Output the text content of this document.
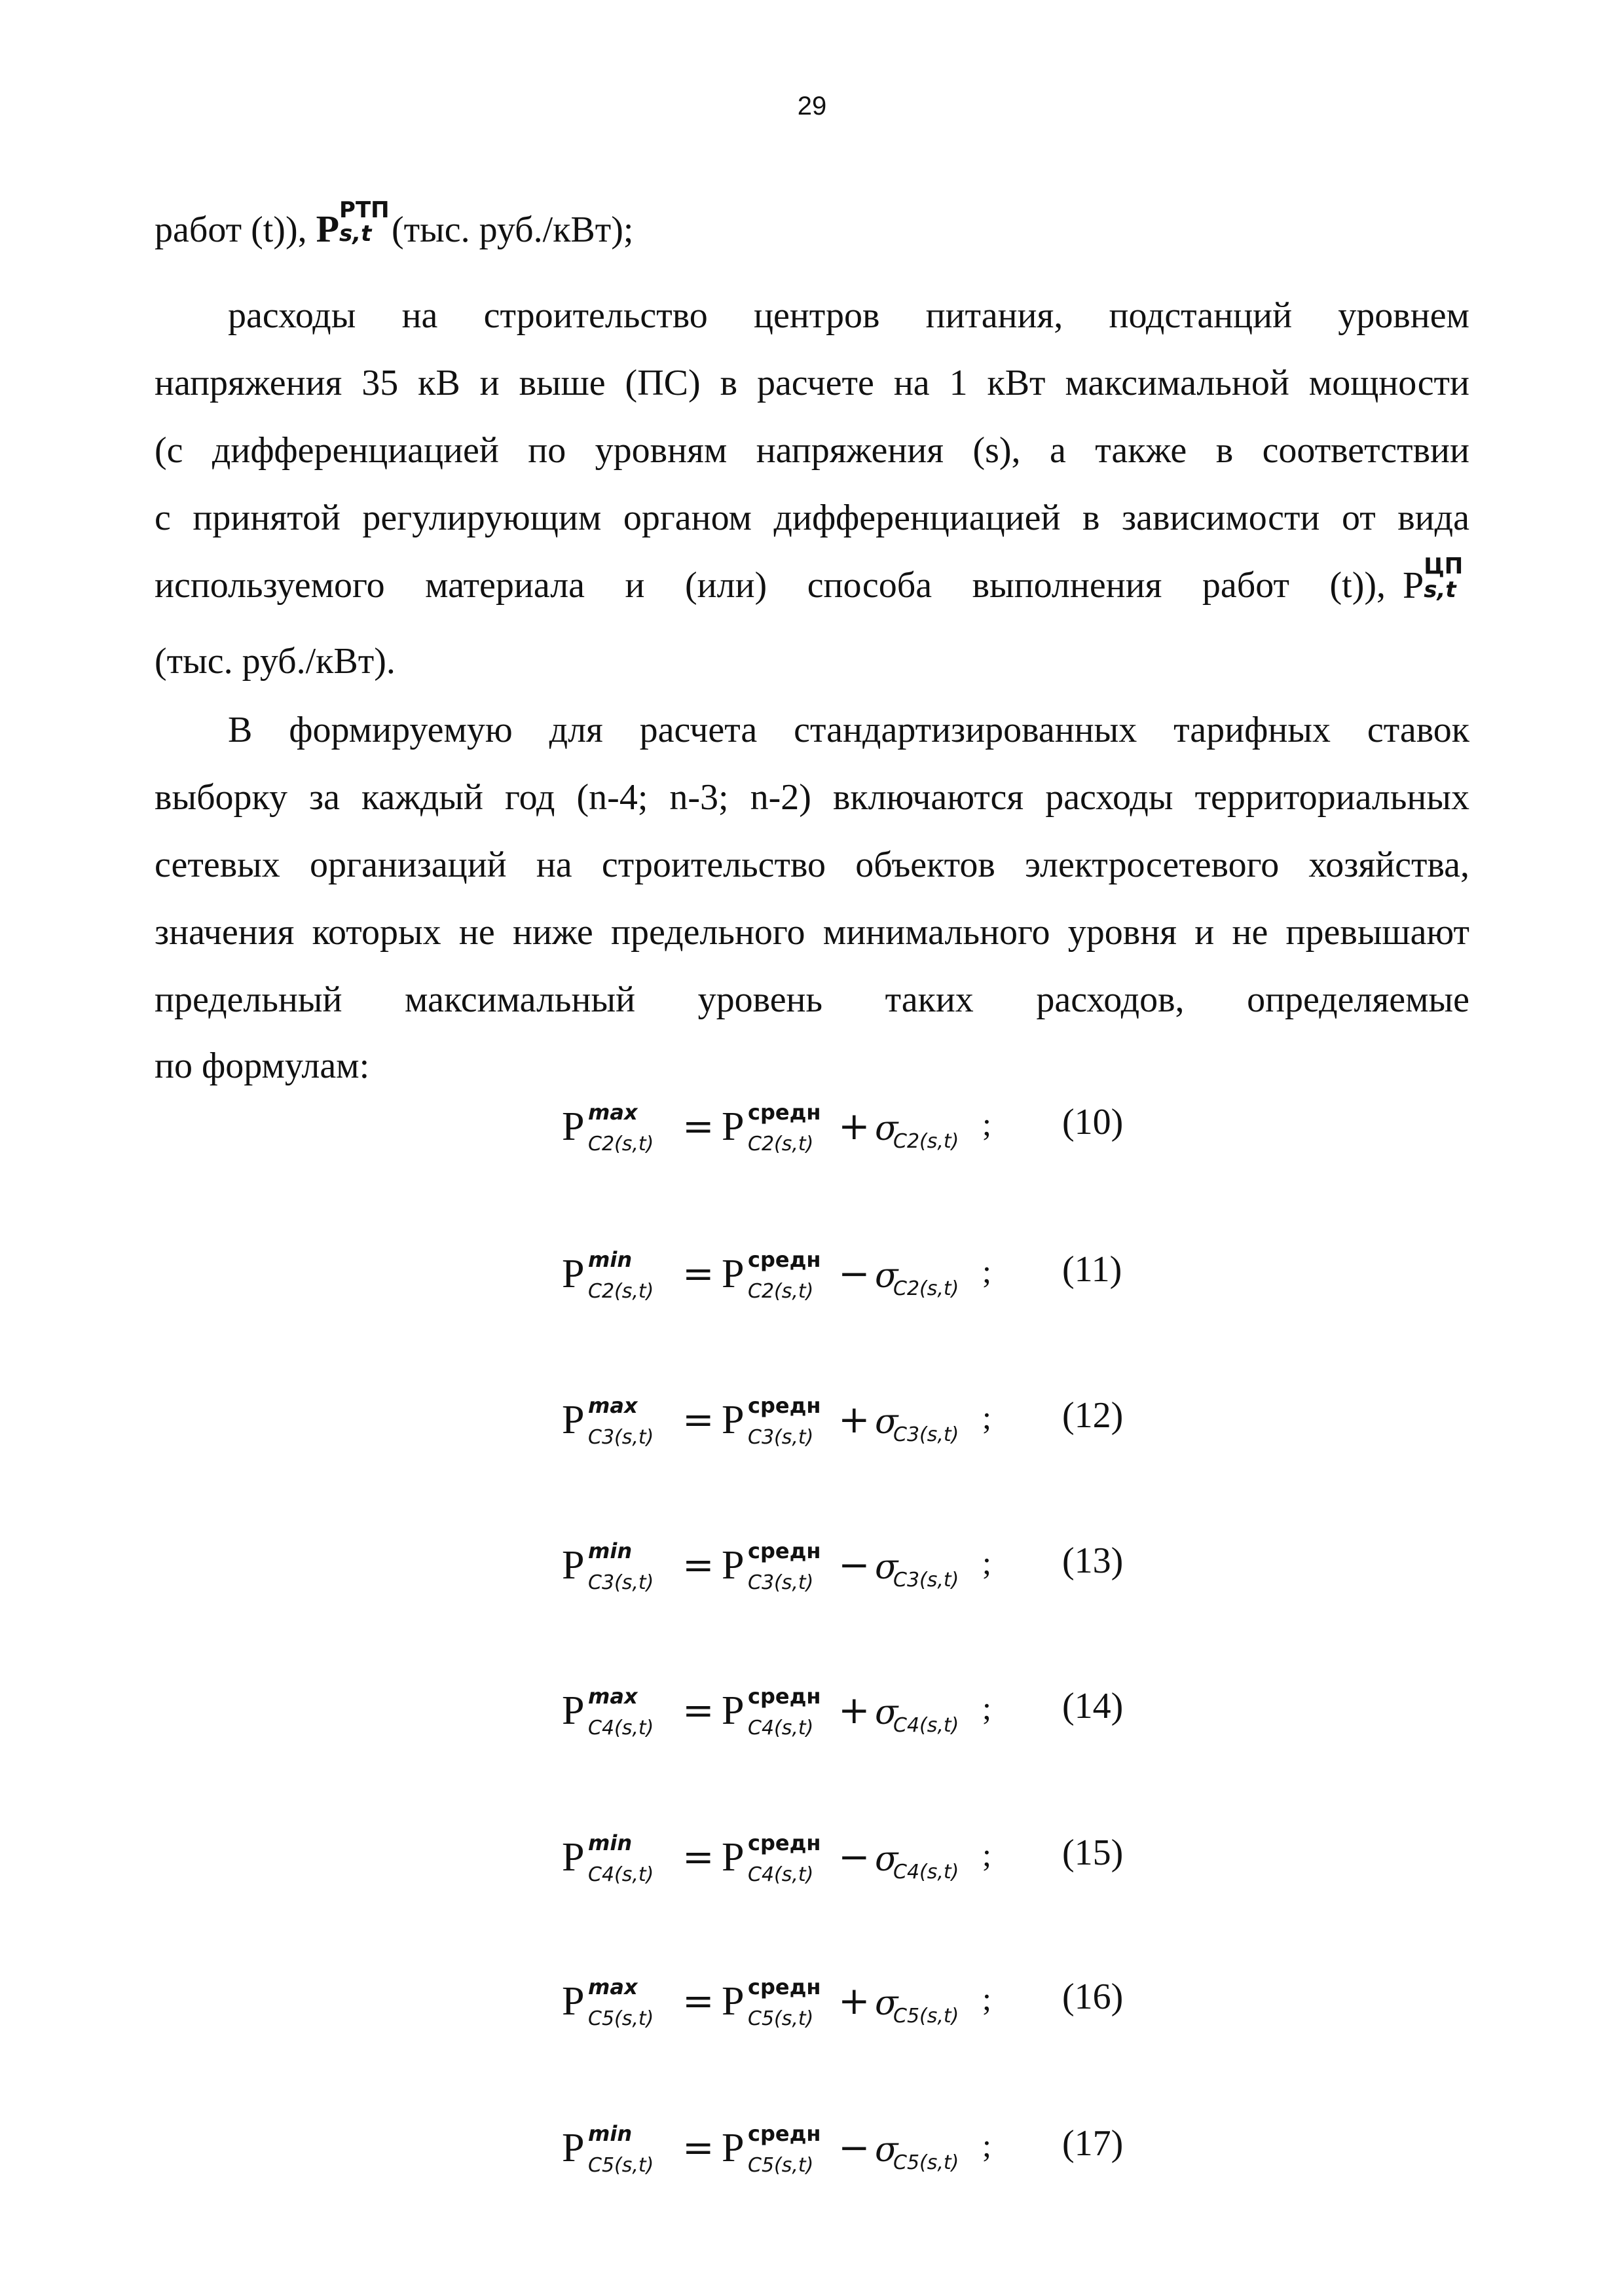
29
работ (t)), P РТП
s,t (тыс. руб./кВт);
расходы на строительство центров питания, подстанций уровнем
напряжения 35 кВ и выше (ПС) в расчете на 1 кВт максимальной мощности
(с дифференциацией по уровням напряжения (s), а также в соответствии
с принятой регулирующим органом дифференциацией в зависимости от вида
используемого материала и (или) способа выполнения работ (t)), P ЦП
s,t
(тыс. руб./кВт).
В формируемую для расчета стандартизированных тарифных ставок
выборку за каждый год (n-4; n-3; n-2) включаются расходы территориальных
сетевых организаций на строительство объектов электросетевого хозяйства,
значения которых не ниже предельного минимального уровня и не превышают
предельный максимальный уровень таких расходов, определяемые
по формулам:
P max
C2(s,t) = P средн
C2(s,t) + σ
C2(s,t) ; (10)
P min
C2(s,t) = P средн
C2(s,t) − σ
C2(s,t) ; (11)
P max
C3(s,t) = P средн
C3(s,t) + σ
C3(s,t) ; (12)
P min
C3(s,t) = P средн
C3(s,t) − σ
C3(s,t) ; (13)
P max
C4(s,t) = P средн
C4(s,t) + σ
C4(s,t) ; (14)
P min
C4(s,t) = P средн
C4(s,t) − σ
C4(s,t) ; (15)
P max
C5(s,t) = P средн
C5(s,t) + σ
C5(s,t) ; (16)
P min
C5(s,t) = P средн
C5(s,t) − σ
C5(s,t) ; (17)
